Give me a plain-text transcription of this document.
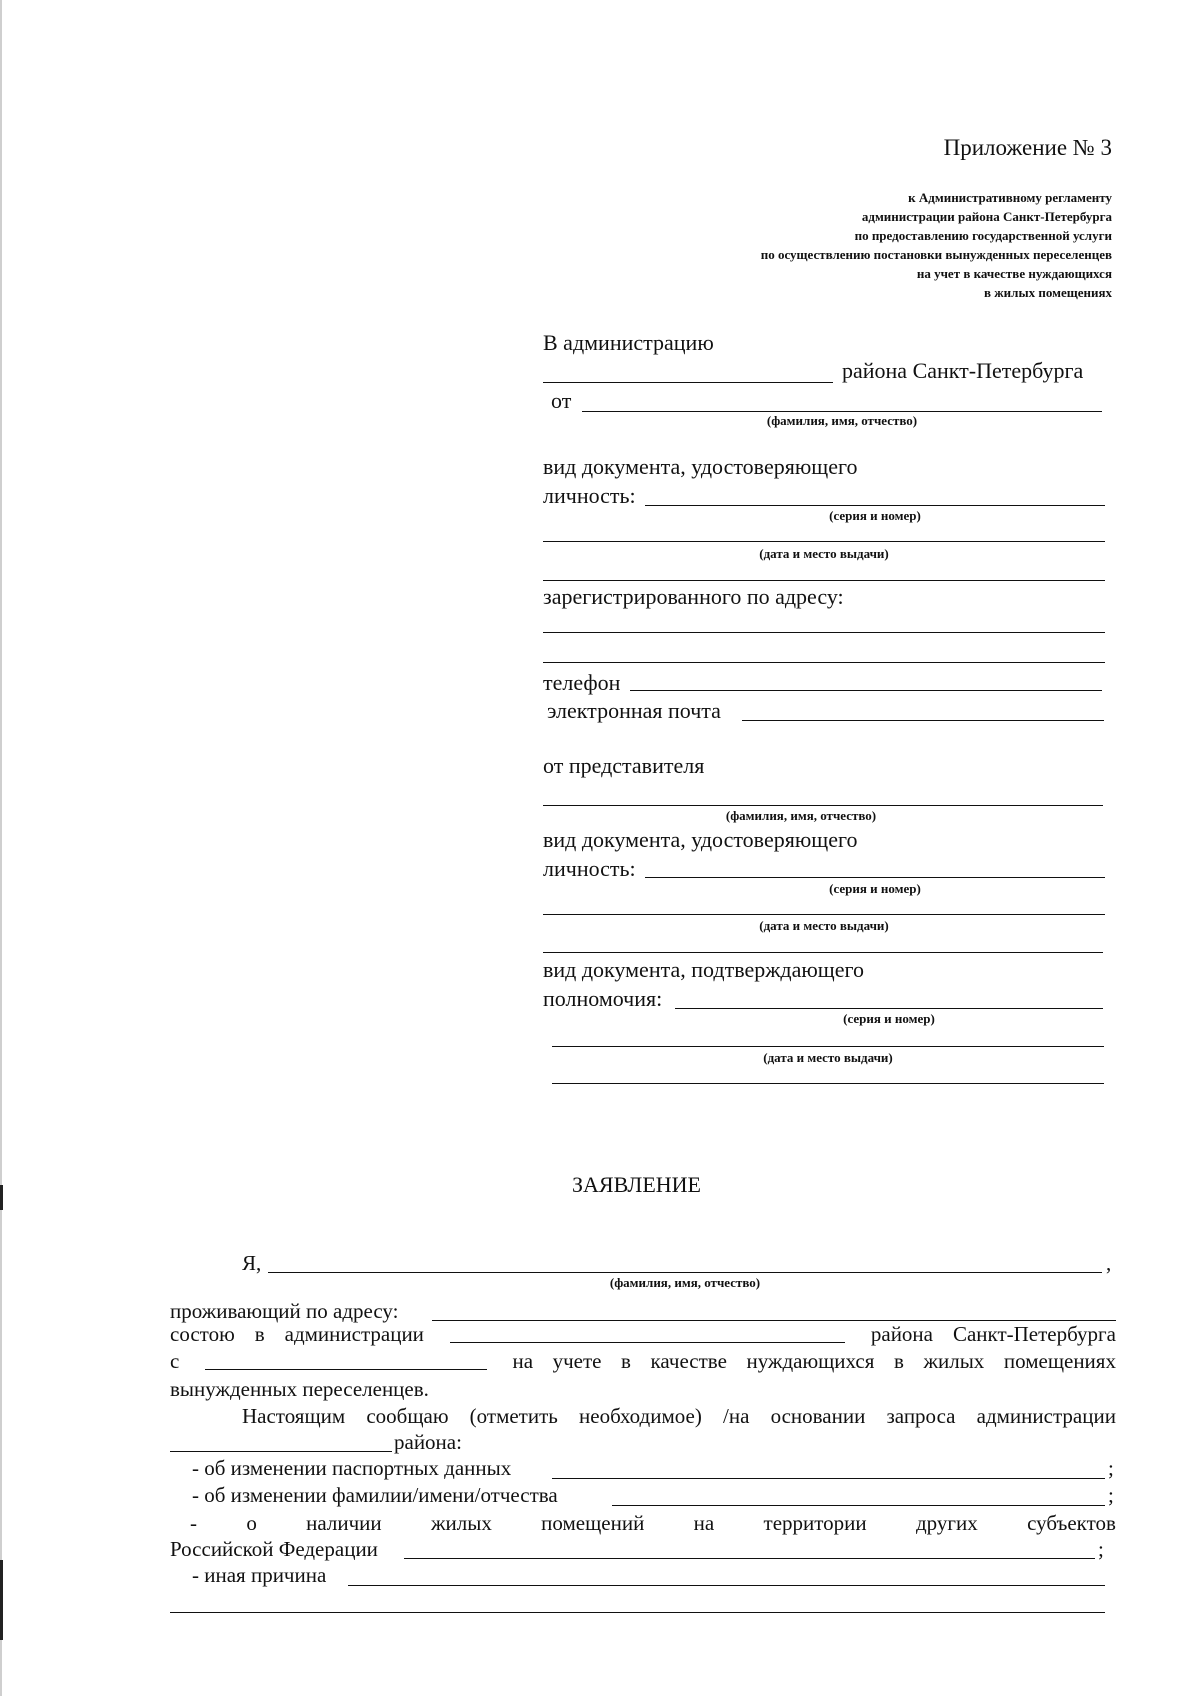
Приложение № 3
к Административному регламенту
администрации района Санкт-Петербурга
по предоставлению государственной услуги
по осуществлению постановки вынужденных переселенцев
на учет в качестве нуждающихся
в жилых помещениях
В администрацию
района Санкт-Петербурга
от
(фамилия, имя, отчество)
вид документа, удостоверяющего
личность:
(серия и номер)
(дата и место выдачи)
зарегистрированного по адресу:
телефон
электронная почта
от представителя
(фамилия, имя, отчество)
вид документа, удостоверяющего
личность:
(серия и номер)
(дата и место выдачи)
вид документа, подтверждающего
полномочия:
(серия и номер)
(дата и место выдачи)
ЗАЯВЛЕНИЕ
Я,	,
(фамилия, имя, отчество)
проживающий по адресу:
состою в администрации	района Санкт-Петербурга
с	на учете в качестве нуждающихся в жилых помещениях
вынужденных переселенцев.
Настоящим сообщаю (отметить необходимое) /на основании запроса администрации
района:
- об изменении паспортных данных	;
- об изменении фамилии/имени/отчества	;
- о наличии жилых помещений на территории других субъектов
Российской Федерации	;
- иная причина
